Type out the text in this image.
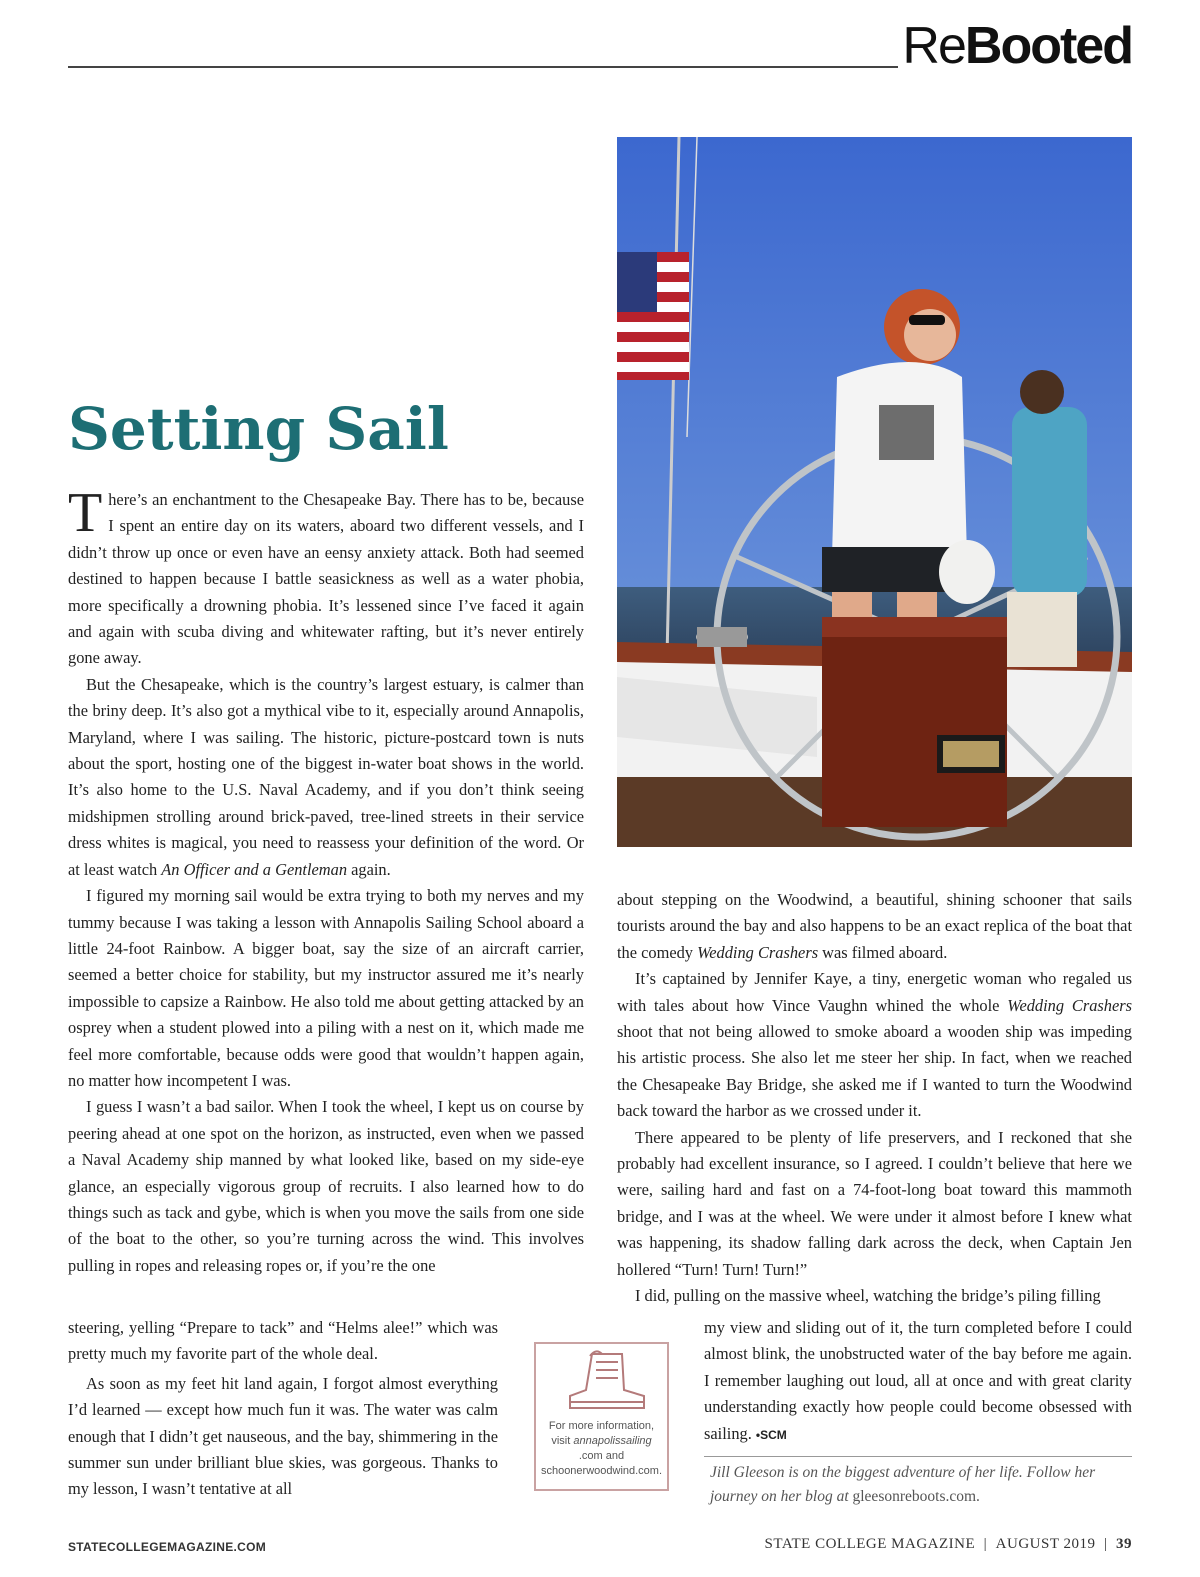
ReBooted
Setting Sail

There’s an enchantment to the Chesapeake Bay. There has to be, because I spent an entire day on its waters, aboard two different vessels, and I didn’t throw up once or even have an eensy anxiety attack. Both had seemed destined to happen because I battle seasickness as well as a water phobia, more specifically a drowning phobia. It’s lessened since I’ve faced it again and again with scuba diving and whitewater rafting, but it’s never entirely gone away.

But the Chesapeake, which is the country’s largest estuary, is calmer than the briny deep. It’s also got a mythical vibe to it, especially around Annapolis, Maryland, where I was sailing. The historic, picture-postcard town is nuts about the sport, hosting one of the biggest in-water boat shows in the world. It’s also home to the U.S. Naval Academy, and if you don’t think seeing midshipmen strolling around brick-paved, tree-lined streets in their service dress whites is magical, you need to reassess your definition of the word. Or at least watch An Officer and a Gentleman again.

I figured my morning sail would be extra trying to both my nerves and my tummy because I was taking a lesson with Annapolis Sailing School aboard a little 24-foot Rainbow. A bigger boat, say the size of an aircraft carrier, seemed a better choice for stability, but my instructor assured me it’s nearly impossible to capsize a Rainbow. He also told me about getting attacked by an osprey when a student plowed into a piling with a nest on it, which made me feel more comfortable, because odds were good that wouldn’t happen again, no matter how incompetent I was.

I guess I wasn’t a bad sailor. When I took the wheel, I kept us on course by peering ahead at one spot on the horizon, as instructed, even when we passed a Naval Academy ship manned by what looked like, based on my side-eye glance, an especially vigorous group of recruits. I also learned how to do things such as tack and gybe, which is when you move the sails from one side of the boat to the other, so you’re turning across the wind. This involves pulling in ropes and releasing ropes or, if you’re the one

steering, yelling “Prepare to tack” and “Helms alee!” which was pretty much my favorite part of the whole deal.

As soon as my feet hit land again, I forgot almost everything I’d learned — except how much fun it was. The water was calm enough that I didn’t get nauseous, and the bay, shimmering in the summer sun under brilliant blue skies, was gorgeous. Thanks to my lesson, I wasn’t tentative at all

For more information, visit annapolissailing
.com and
schoonerwoodwind.com.

about stepping on the Woodwind, a beautiful, shining schooner that sails tourists around the bay and also happens to be an exact replica of the boat that the comedy Wedding Crashers was filmed aboard.

It’s captained by Jennifer Kaye, a tiny, energetic woman who regaled us with tales about how Vince Vaughn whined the whole Wedding Crashers shoot that not being allowed to smoke aboard a wooden ship was impeding his artistic process. She also let me steer her ship. In fact, when we reached the Chesapeake Bay Bridge, she asked me if I wanted to turn the Woodwind back toward the harbor as we crossed under it.

There appeared to be plenty of life preservers, and I reckoned that she probably had excellent insurance, so I agreed. I couldn’t believe that here we were, sailing hard and fast on a 74-foot-long boat toward this mammoth bridge, and I was at the wheel. We were under it almost before I knew what was happening, its shadow falling dark across the deck, when Captain Jen hollered “Turn! Turn! Turn!”

I did, pulling on the massive wheel, watching the bridge’s piling filling

my view and sliding out of it, the turn completed before I could almost blink, the unobstructed water of the bay before me again. I remember laughing out loud, all at once and with great clarity understanding exactly how people could become obsessed with sailing. •SCM

Jill Gleeson is on the biggest adventure of her life. Follow her journey on her blog at gleesonreboots.com.
STATECOLLEGEMAGAZINE.COM	STATE COLLEGE MAGAZINE | AUGUST 2019 | 39
